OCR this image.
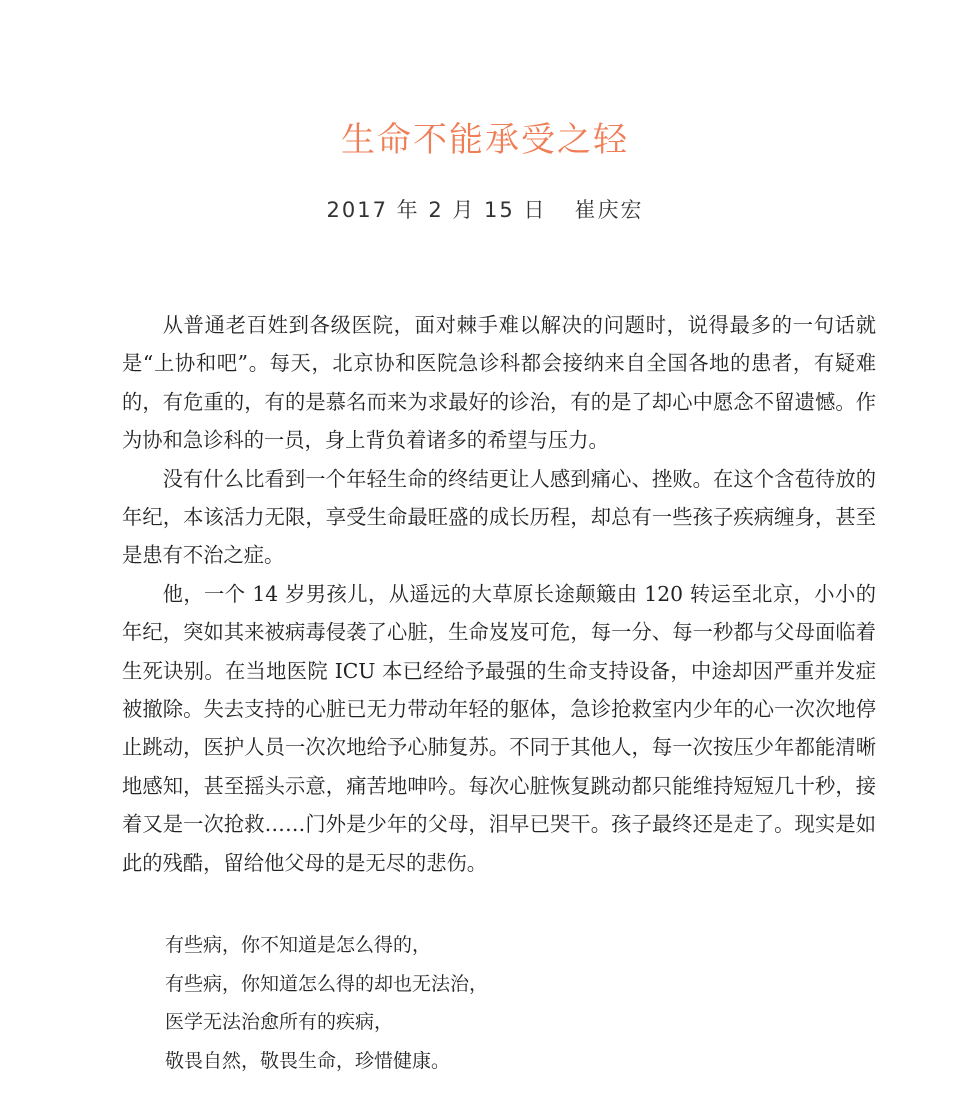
生命不能承受之轻
2017 年 2 月 15 日 崔庆宏

从普通老百姓到各级医院，面对棘手难以解决的问题时，说得最多的一句话就是“上协和吧”。每天，北京协和医院急诊科都会接纳来自全国各地的患者，有疑难的，有危重的，有的是慕名而来为求最好的诊治，有的是了却心中愿念不留遗憾。作为协和急诊科的一员，身上背负着诸多的希望与压力。

没有什么比看到一个年轻生命的终结更让人感到痛心、挫败。在这个含苞待放的年纪，本该活力无限，享受生命最旺盛的成长历程，却总有一些孩子疾病缠身，甚至是患有不治之症。

他，一个 14 岁男孩儿，从遥远的大草原长途颠簸由 120 转运至北京，小小的年纪，突如其来被病毒侵袭了心脏，生命岌岌可危，每一分、每一秒都与父母面临着生死诀别。在当地医院 ICU 本已经给予最强的生命支持设备，中途却因严重并发症被撤除。失去支持的心脏已无力带动年轻的躯体，急诊抢救室内少年的心一次次地停止跳动，医护人员一次次地给予心肺复苏。不同于其他人，每一次按压少年都能清晰地感知，甚至摇头示意，痛苦地呻吟。每次心脏恢复跳动都只能维持短短几十秒，接着又是一次抢救……门外是少年的父母，泪早已哭干。孩子最终还是走了。现实是如此的残酷，留给他父母的是无尽的悲伤。

有些病，你不知道是怎么得的，
有些病，你知道怎么得的却也无法治，
医学无法治愈所有的疾病，
敬畏自然，敬畏生命，珍惜健康。
